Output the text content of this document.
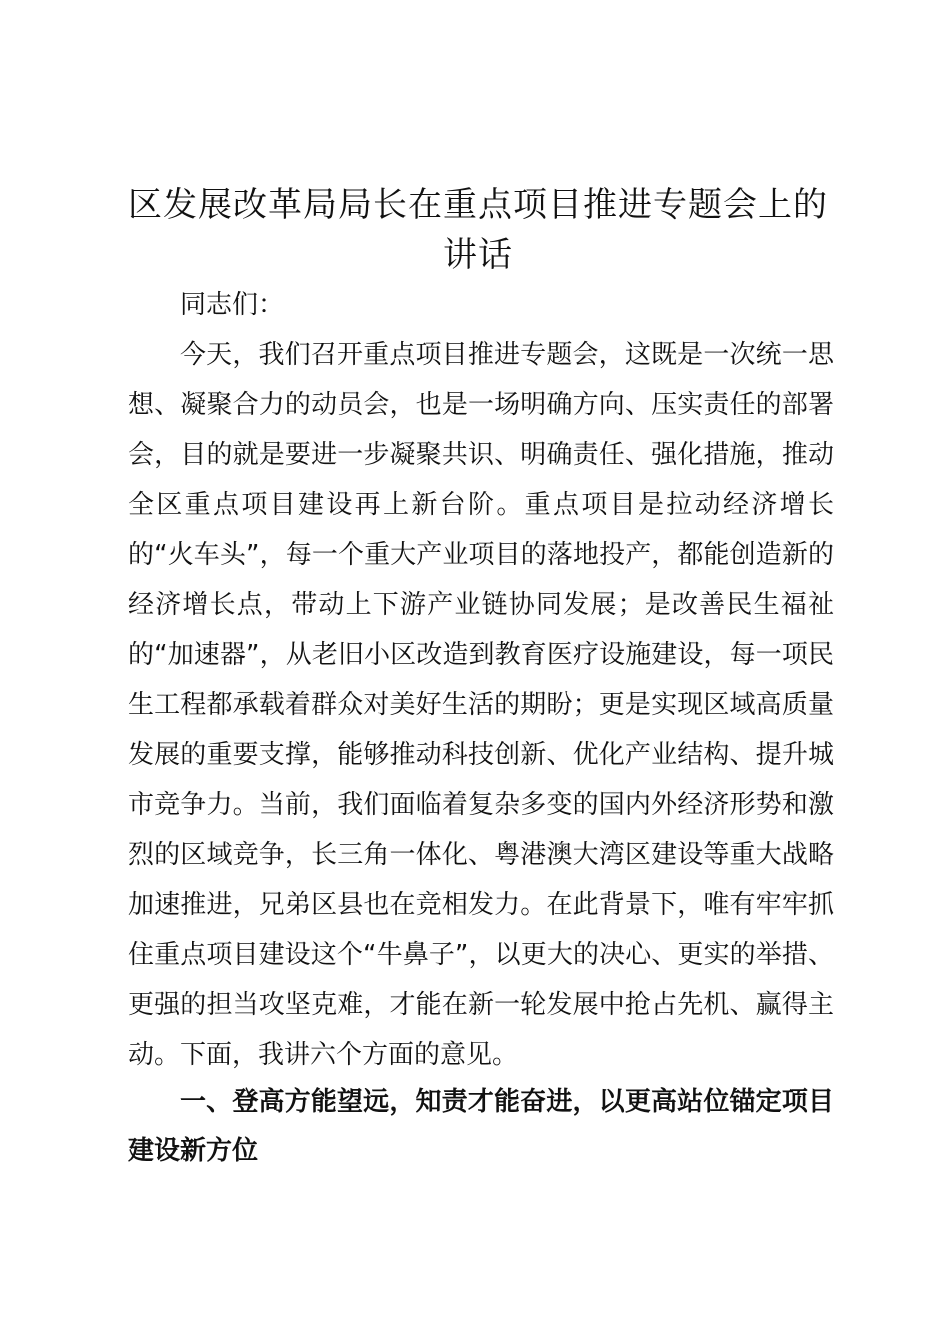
区发展改革局局长在重点项目推进专题会上的讲话

同志们：

今天，我们召开重点项目推进专题会，这既是一次统一思想、凝聚合力的动员会，也是一场明确方向、压实责任的部署会，目的就是要进一步凝聚共识、明确责任、强化措施，推动全区重点项目建设再上新台阶。重点项目是拉动经济增长的“火车头”，每一个重大产业项目的落地投产，都能创造新的经济增长点，带动上下游产业链协同发展；是改善民生福祉的“加速器”，从老旧小区改造到教育医疗设施建设，每一项民生工程都承载着群众对美好生活的期盼；更是实现区域高质量发展的重要支撑，能够推动科技创新、优化产业结构、提升城市竞争力。当前，我们面临着复杂多变的国内外经济形势和激烈的区域竞争，长三角一体化、粤港澳大湾区建设等重大战略加速推进，兄弟区县也在竞相发力。在此背景下，唯有牢牢抓住重点项目建设这个“牛鼻子”，以更大的决心、更实的举措、更强的担当攻坚克难，才能在新一轮发展中抢占先机、赢得主动。下面，我讲六个方面的意见。

一、登高方能望远，知责才能奋进，以更高站位锚定项目建设新方位
